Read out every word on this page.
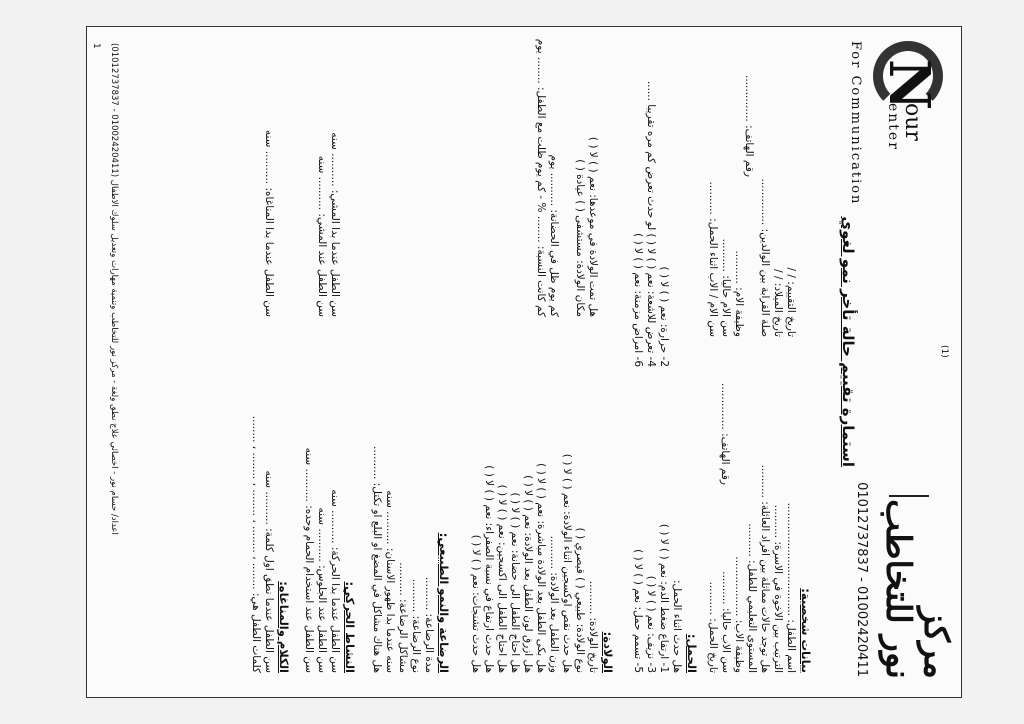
مركز
نور للتخاطب
(1)
N
our
enter
For Communication
01012737837 - 01002420411
استمارة تقييم حالة تأخر نمو لغوي
بيانات شخصية:
اسم الطفل: ..................................
الترتيب بين الاخوة في الاسرة: ..........
هل توجد حالات مماثلة بين افراد العائلة: ..........
المستوى التعليمي للطفل: ..........
وظيفة الاب: ..................
سن الاب حاليا: ..........
تاريخ الحمل: ..........
تاريخ التقييم: / /
تاريخ الميلاد: / /
صلة القرابة بين الوالدين: ..............
وظيفة الام: ..........
سن الام حاليا: ..........
سن الام / الاب اثناء الحمل: ..........
رقم الهاتف: ..............
رقم الهاتف: ..............
الحمل:
هل حدث اثناء الحمل:
1- ارتفاع ضغط الدم: نعم ( ) لا ( )
3- نزيف: نعم ( ) لا ( )
5- تسمم حمل: نعم ( ) لا ( )
2- حرارة: نعم ( ) لا ( )
4- تعرض للاشعة: نعم ( ) لا ( ) لو حدث تعرض كم مره تقريبا ......
6- امراض مزمنة: نعم ( ) لا ( )
الولادة:
تاريخ الولادة: ..........
نوع الولادة: طبيعي ( ) قيصري ( )
هل حدث نقص اوكسجين اثناء الولادة: نعم ( ) لا ( )
وزن الطفل بعد الولادة: ..........
هل بكى الطفل بعد الولادة مباشرة: نعم ( ) لا ( )
هل ازرق لون الطفل بعد الولادة: نعم ( ) لا ( )
هل احتاج الطفل الى حضانة: نعم ( ) لا ( )
هل احتاج الطفل الى اكسجين: نعم ( ) لا ( )
هل حدث ارتفاع في نسبة الصفراء: نعم ( ) لا ( )
هل حدث تشنجات: نعم ( ) لا ( )
هل تمت الولادة في موعدها: نعم ( ) لا ( )
مكان الولادة: مستشفى ( ) عيادة ( )
كم يوم ظل في الحضانة: .......... يوم
كم كانت النسبة: ........ % - كم يوم ظلت مع الطفل: ........ يوم
الرضاعة والنمو الطبيعي:
مدة الرضاعة: ..........
نوع الرضاعة: ..........
مشاكل الرضاعة: ..........
سنه عندما بدا ظهور الاسنان: .......... سنه
هل هناك مشاكل في المضغ او البلع او تكتل: ..........
النشاط الحركي:
سن الطفل عندما بدا الحركة: .......... سنه
سن الطفل عند الجلوس: .......... سنه
سن الطفل عند استخدام الحمام وحده: .......... سنه
سن الطفل عندما بدا المشي: .......... سنه
سن الطفل عند المشي: .......... سنه
الكلام والمناغاه:
سن الطفل عندما نطق اول كلمة: .......... سنه
كلمات الطفل هي: ........ ، ........ ، ........ ، ........ ، ........
سن الطفل عندما بدا المناغاه: .......... سنه
(01012737837 - 01002420411) اعداد/ حسام نور - اخصائي علاج نطق ولغة - مركز نور للتخاطب وتنمية مهارات وتعديل سلوك الاطفال
1
